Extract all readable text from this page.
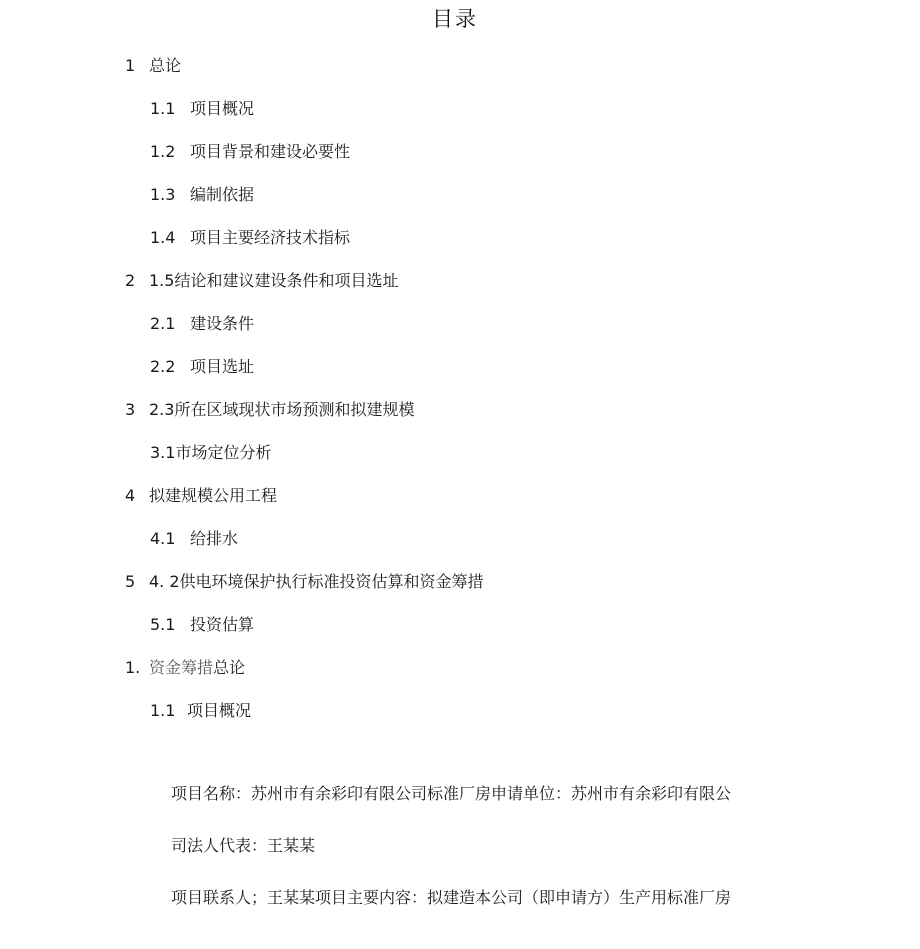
目录
1 总论
1.1 项目概况
1.2 项目背景和建设必要性
1.3 编制依据
1.4 项目主要经济技术指标
2 1.5结论和建议建设条件和项目选址
2.1 建设条件
2.2 项目选址
3 2.3所在区域现状市场预测和拟建规模
3.1市场定位分析
4 拟建规模公用工程
4.1 给排水
5 4. 2供电环境保护执行标准投资估算和资金筹措
5.1 投资估算
1. 资金筹措总论
1.1 项目概况
项目名称：苏州市有余彩印有限公司标准厂房申请单位：苏州市有余彩印有限公
司法人代表：王某某
项目联系人；王某某项目主要内容：拟建造本公司（即申请方）生产用标准厂房
